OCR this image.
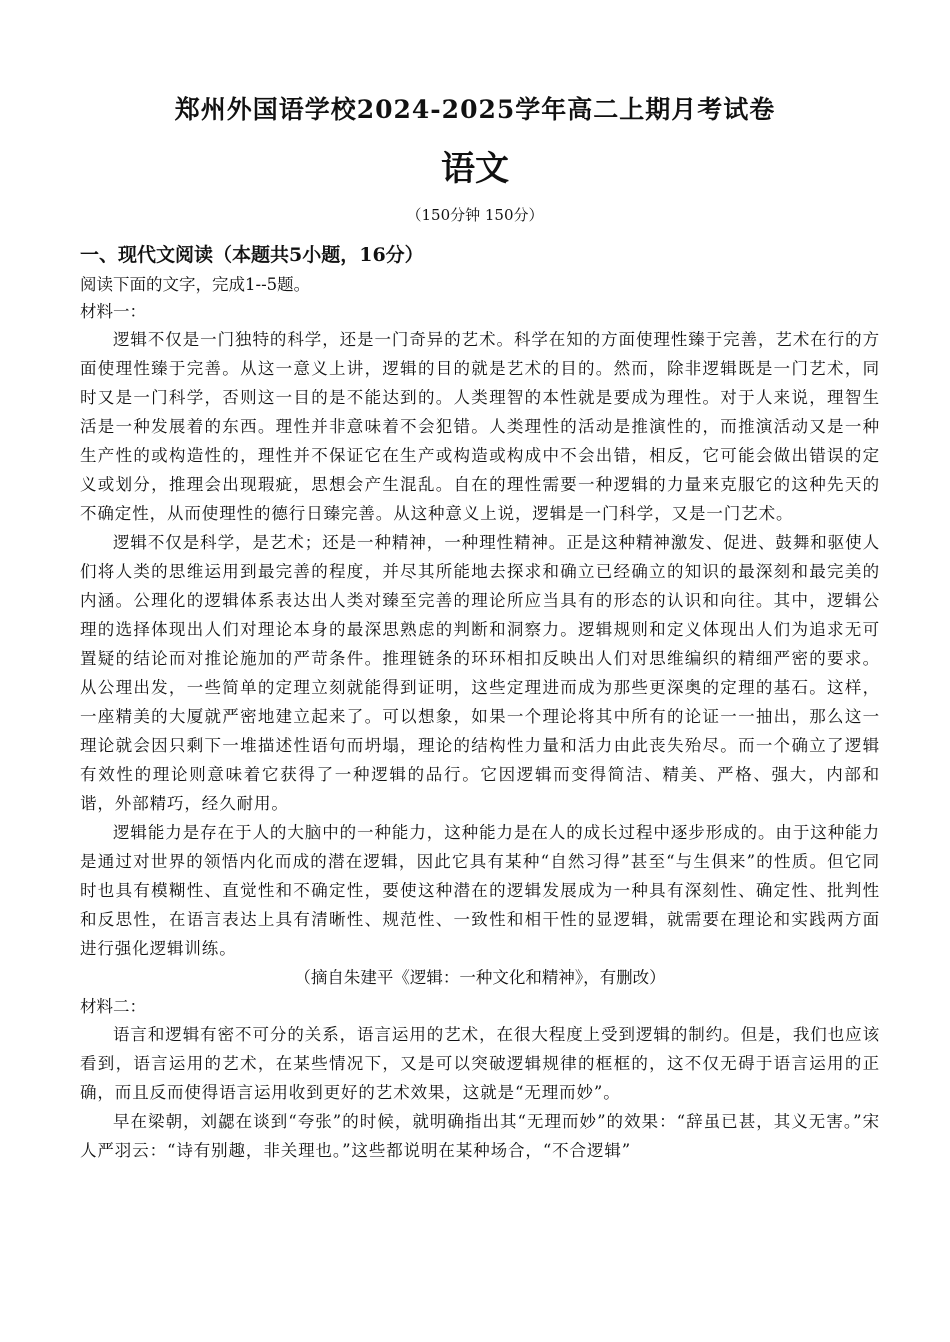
郑州外国语学校2024-2025学年高二上期月考试卷
语文
（150分钟 150分）
一、现代文阅读（本题共5小题，16分）
阅读下面的文字，完成1--5题。
材料一：

逻辑不仅是一门独特的科学，还是一门奇异的艺术。科学在知的方面使理性臻于完善，艺术在行的方面使理性臻于完善。从这一意义上讲，逻辑的目的就是艺术的目的。然而，除非逻辑既是一门艺术，同时又是一门科学，否则这一目的是不能达到的。人类理智的本性就是要成为理性。对于人来说，理智生活是一种发展着的东西。理性并非意味着不会犯错。人类理性的活动是推演性的，而推演活动又是一种生产性的或构造性的，理性并不保证它在生产或构造或构成中不会出错，相反，它可能会做出错误的定义或划分，推理会出现瑕疵，思想会产生混乱。自在的理性需要一种逻辑的力量来克服它的这种先天的不确定性，从而使理性的德行日臻完善。从这种意义上说，逻辑是一门科学，又是一门艺术。

逻辑不仅是科学，是艺术；还是一种精神，一种理性精神。正是这种精神激发、促进、鼓舞和驱使人们将人类的思维运用到最完善的程度，并尽其所能地去探求和确立已经确立的知识的最深刻和最完美的内涵。公理化的逻辑体系表达出人类对臻至完善的理论所应当具有的形态的认识和向往。其中，逻辑公理的选择体现出人们对理论本身的最深思熟虑的判断和洞察力。逻辑规则和定义体现出人们为追求无可置疑的结论而对推论施加的严苛条件。推理链条的环环相扣反映出人们对思维编织的精细严密的要求。从公理出发，一些简单的定理立刻就能得到证明，这些定理进而成为那些更深奥的定理的基石。这样，一座精美的大厦就严密地建立起来了。可以想象，如果一个理论将其中所有的论证一一抽出，那么这一理论就会因只剩下一堆描述性语句而坍塌，理论的结构性力量和活力由此丧失殆尽。而一个确立了逻辑有效性的理论则意味着它获得了一种逻辑的品行。它因逻辑而变得简洁、精美、严格、强大，内部和谐，外部精巧，经久耐用。

逻辑能力是存在于人的大脑中的一种能力，这种能力是在人的成长过程中逐步形成的。由于这种能力是通过对世界的领悟内化而成的潜在逻辑，因此它具有某种“自然习得”甚至“与生俱来”的性质。但它同时也具有模糊性、直觉性和不确定性，要使这种潜在的逻辑发展成为一种具有深刻性、确定性、批判性和反思性，在语言表达上具有清晰性、规范性、一致性和相干性的显逻辑，就需要在理论和实践两方面进行强化逻辑训练。

（摘自朱建平《逻辑：一种文化和精神》，有删改）
材料二：

语言和逻辑有密不可分的关系，语言运用的艺术，在很大程度上受到逻辑的制约。但是，我们也应该看到，语言运用的艺术，在某些情况下，又是可以突破逻辑规律的框框的，这不仅无碍于语言运用的正确，而且反而使得语言运用收到更好的艺术效果，这就是“无理而妙”。

早在梁朝，刘勰在谈到“夸张”的时候，就明确指出其“无理而妙”的效果：“辞虽已甚，其义无害。”宋人严羽云：“诗有别趣，非关理也。”这些都说明在某种场合，“不合逻辑”
